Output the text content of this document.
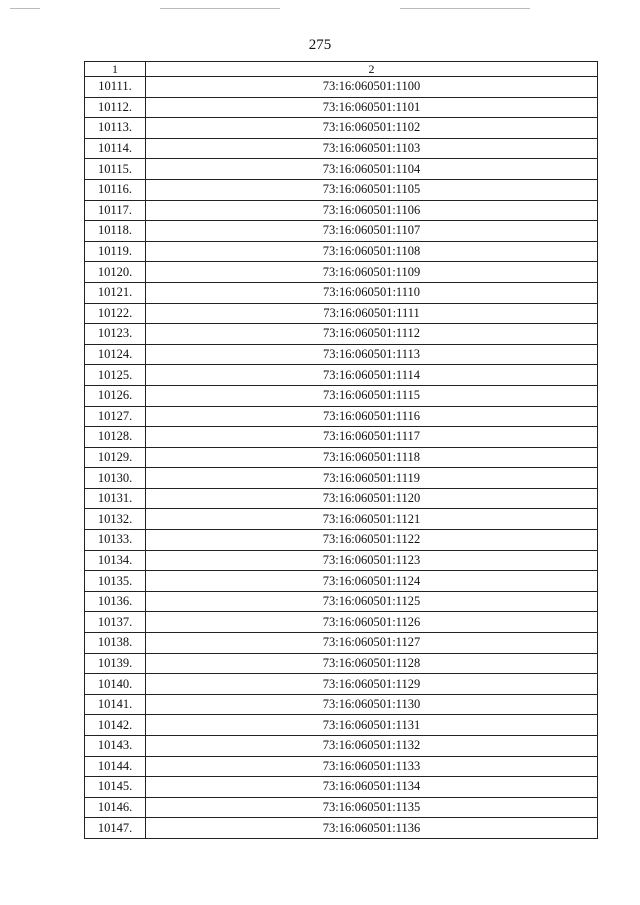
275
1	2
10111.	73:16:060501:1100
10112.	73:16:060501:1101
10113.	73:16:060501:1102
10114.	73:16:060501:1103
10115.	73:16:060501:1104
10116.	73:16:060501:1105
10117.	73:16:060501:1106
10118.	73:16:060501:1107
10119.	73:16:060501:1108
10120.	73:16:060501:1109
10121.	73:16:060501:1110
10122.	73:16:060501:1111
10123.	73:16:060501:1112
10124.	73:16:060501:1113
10125.	73:16:060501:1114
10126.	73:16:060501:1115
10127.	73:16:060501:1116
10128.	73:16:060501:1117
10129.	73:16:060501:1118
10130.	73:16:060501:1119
10131.	73:16:060501:1120
10132.	73:16:060501:1121
10133.	73:16:060501:1122
10134.	73:16:060501:1123
10135.	73:16:060501:1124
10136.	73:16:060501:1125
10137.	73:16:060501:1126
10138.	73:16:060501:1127
10139.	73:16:060501:1128
10140.	73:16:060501:1129
10141.	73:16:060501:1130
10142.	73:16:060501:1131
10143.	73:16:060501:1132
10144.	73:16:060501:1133
10145.	73:16:060501:1134
10146.	73:16:060501:1135
10147.	73:16:060501:1136
